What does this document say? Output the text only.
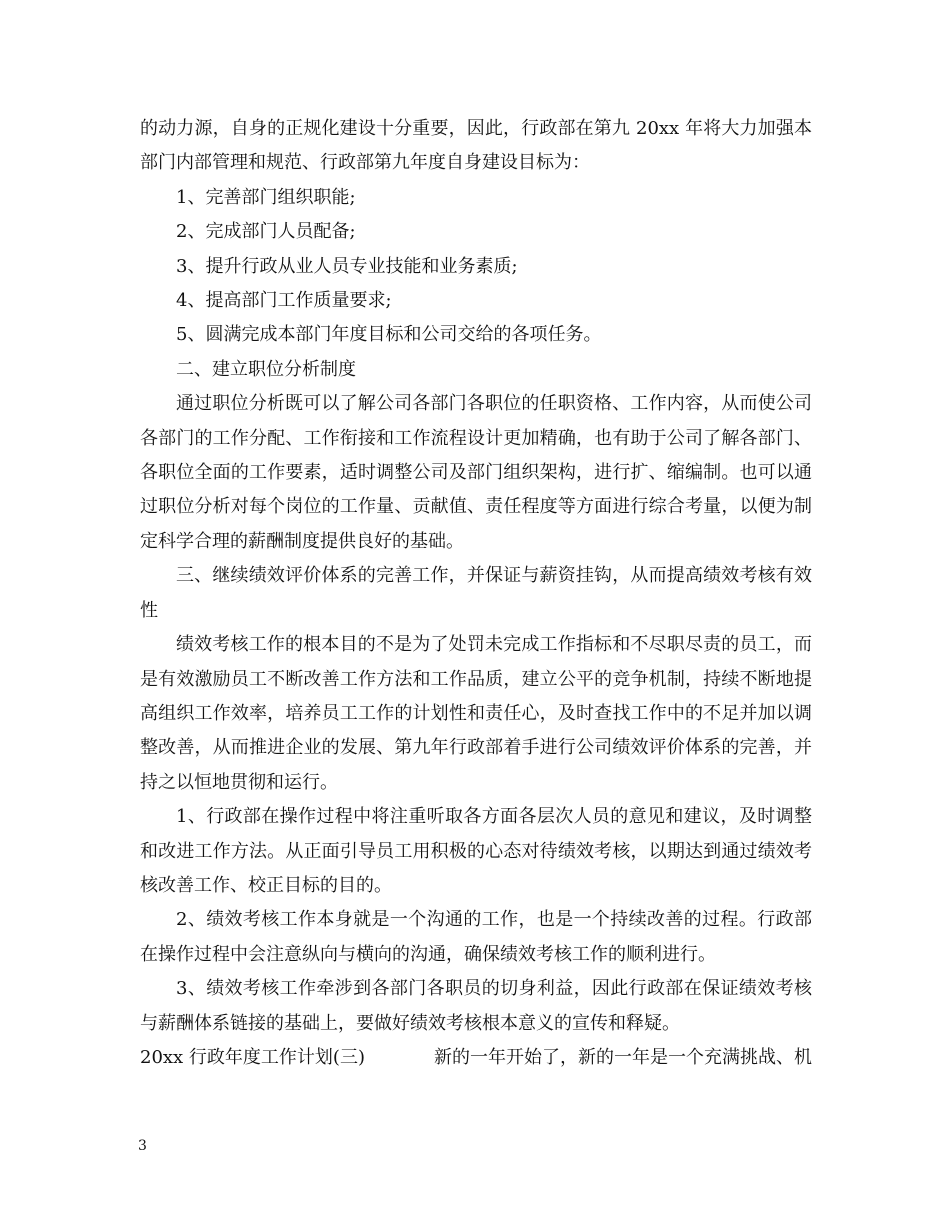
的动力源，自身的正规化建设十分重要，因此，行政部在第九 20xx 年将大力加强本部门内部管理和规范、行政部第九年度自身建设目标为：

1、完善部门组织职能;

2、完成部门人员配备;

3、提升行政从业人员专业技能和业务素质;

4、提高部门工作质量要求;

5、圆满完成本部门年度目标和公司交给的各项任务。

二、建立职位分析制度

通过职位分析既可以了解公司各部门各职位的任职资格、工作内容，从而使公司各部门的工作分配、工作衔接和工作流程设计更加精确，也有助于公司了解各部门、各职位全面的工作要素，适时调整公司及部门组织架构，进行扩、缩编制。也可以通过职位分析对每个岗位的工作量、贡献值、责任程度等方面进行综合考量，以便为制定科学合理的薪酬制度提供良好的基础。

三、继续绩效评价体系的完善工作，并保证与薪资挂钩，从而提高绩效考核有效性

绩效考核工作的根本目的不是为了处罚未完成工作指标和不尽职尽责的员工，而是有效激励员工不断改善工作方法和工作品质，建立公平的竞争机制，持续不断地提高组织工作效率，培养员工工作的计划性和责任心，及时查找工作中的不足并加以调整改善，从而推进企业的发展、第九年行政部着手进行公司绩效评价体系的完善，并持之以恒地贯彻和运行。

1、行政部在操作过程中将注重听取各方面各层次人员的意见和建议，及时调整和改进工作方法。从正面引导员工用积极的心态对待绩效考核，以期达到通过绩效考核改善工作、校正目标的目的。

2、绩效考核工作本身就是一个沟通的工作，也是一个持续改善的过程。行政部在操作过程中会注意纵向与横向的沟通，确保绩效考核工作的顺利进行。

3、绩效考核工作牵涉到各部门各职员的切身利益，因此行政部在保证绩效考核与薪酬体系链接的基础上，要做好绩效考核根本意义的宣传和释疑。

20xx 行政年度工作计划(三)	新的一年开始了，新的一年是一个充满挑战、机
3
